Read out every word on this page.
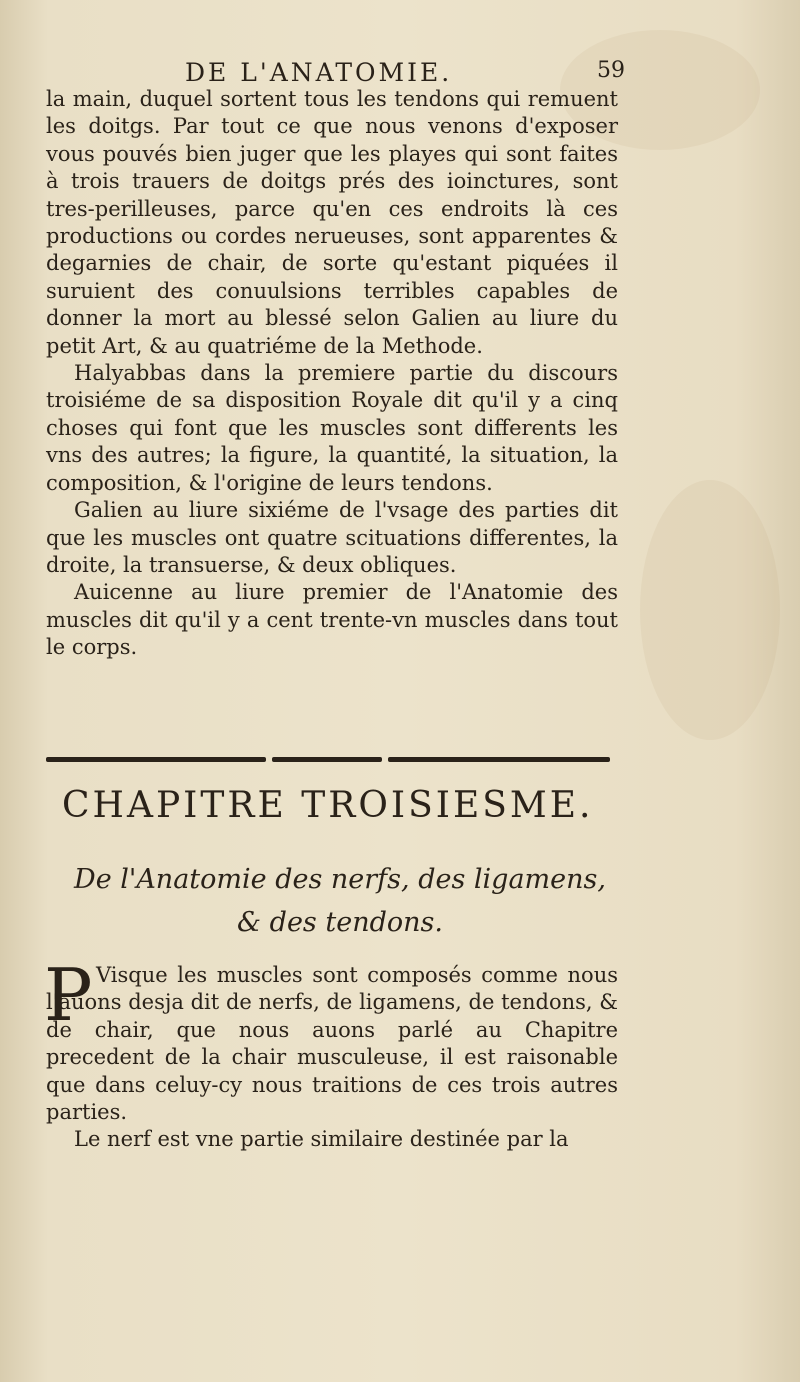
DE L'ANATOMIE.	59

la main, duquel sortent tous les tendons qui remuent les doitgs. Par tout ce que nous venons d'exposer vous pouvés bien juger que les playes qui sont faites à trois trauers de doitgs prés des ioinctures, sont tres-perilleuses, parce qu'en ces endroits là ces productions ou cordes nerueuses, sont apparentes & degarnies de chair, de sorte qu'estant piquées il suruient des conuulsions terribles capables de donner la mort au blessé selon Galien au liure du petit Art, & au quatriéme de la Methode.

Halyabbas dans la premiere partie du discours troisiéme de sa disposition Royale dit qu'il y a cinq choses qui font que les muscles sont differents les vns des autres; la figure, la quantité, la situation, la composition, & l'origine de leurs tendons.

Galien au liure sixiéme de l'vsage des parties dit que les muscles ont quatre scituations differentes, la droite, la transuerse, & deux obliques.

Auicenne au liure premier de l'Anatomie des muscles dit qu'il y a cent trente-vn muscles dans tout le corps.

CHAPITRE TROISIESME.
De l'Anatomie des nerfs, des ligamens, & des tendons.
P Visque les muscles sont composés comme nous l'auons desja dit de nerfs, de ligamens, de tendons, & de chair, que nous auons parlé au Chapitre precedent de la chair musculeuse, il est raisonable que dans celuy-cy nous traitions de ces trois autres parties.

Le nerf est vne partie similaire destinée par la
